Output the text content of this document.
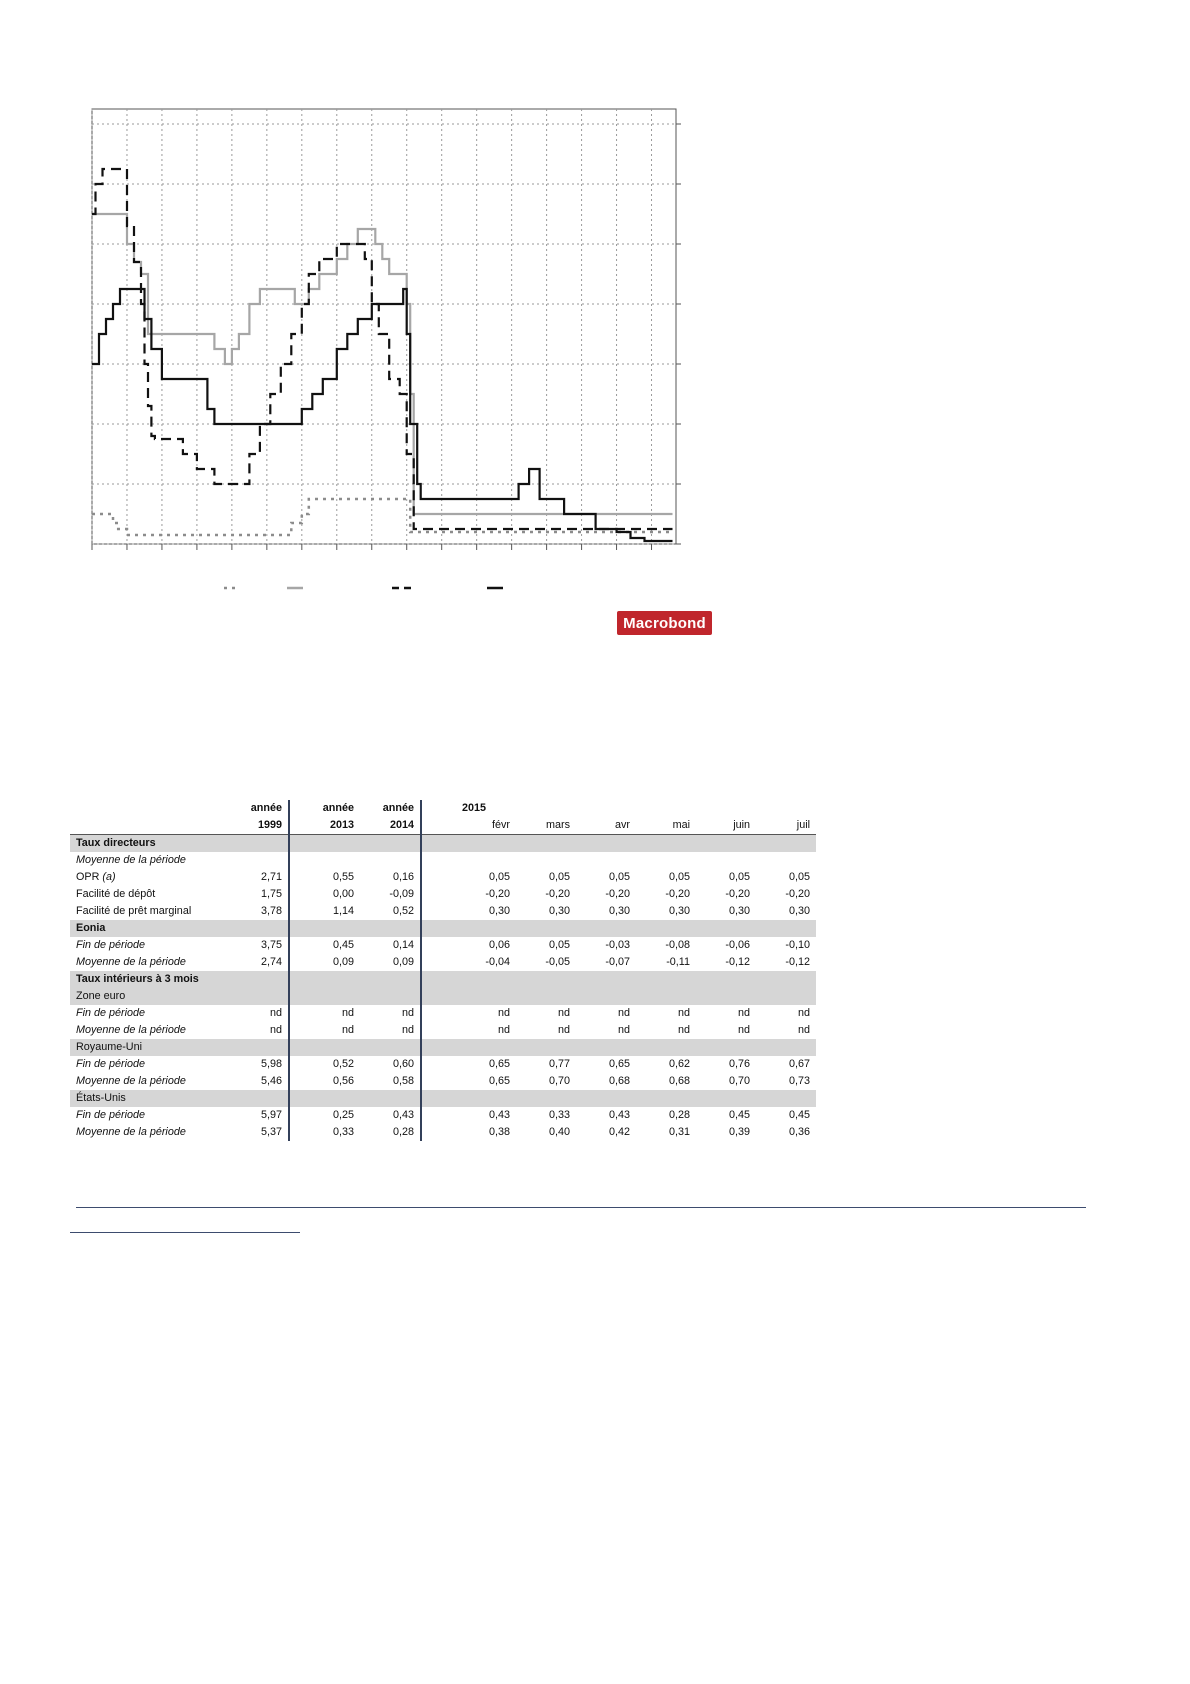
Macrobond
	année	année	année	2015					
	1999	2013	2014	févr	mars	avr	mai	juin	juil
Taux directeurs									
Moyenne de la période									
OPR (a)	2,71	0,55	0,16	0,05	0,05	0,05	0,05	0,05	0,05
Facilité de dépôt	1,75	0,00	-0,09	-0,20	-0,20	-0,20	-0,20	-0,20	-0,20
Facilité de prêt marginal	3,78	1,14	0,52	0,30	0,30	0,30	0,30	0,30	0,30
Eonia									
Fin de période	3,75	0,45	0,14	0,06	0,05	-0,03	-0,08	-0,06	-0,10
Moyenne de la période	2,74	0,09	0,09	-0,04	-0,05	-0,07	-0,11	-0,12	-0,12
Taux intérieurs à 3 mois									
Zone euro									
Fin de période	nd	nd	nd	nd	nd	nd	nd	nd	nd
Moyenne de la période	nd	nd	nd	nd	nd	nd	nd	nd	nd
Royaume-Uni									
Fin de période	5,98	0,52	0,60	0,65	0,77	0,65	0,62	0,76	0,67
Moyenne de la période	5,46	0,56	0,58	0,65	0,70	0,68	0,68	0,70	0,73
États-Unis									
Fin de période	5,97	0,25	0,43	0,43	0,33	0,43	0,28	0,45	0,45
Moyenne de la période	5,37	0,33	0,28	0,38	0,40	0,42	0,31	0,39	0,36
